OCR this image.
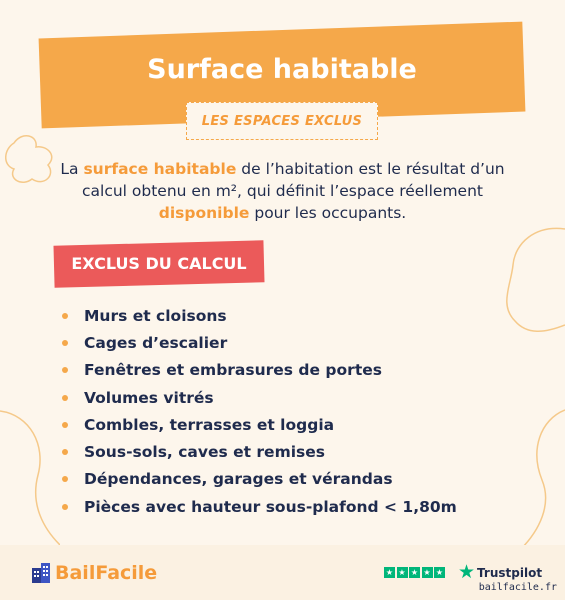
Surface habitable
LES ESPACES EXCLUS
La surface habitable de l’habitation est le résultat d’un calcul obtenu en m², qui définit l’espace réellement disponible pour les occupants.
EXCLUS DU CALCUL
Murs et cloisons
Cages d’escalier
Fenêtres et embrasures de portes
Volumes vitrés
Combles, terrasses et loggia
Sous-sols, caves et remises
Dépendances, garages et vérandas
Pièces avec hauteur sous-plafond < 1,80m
BailFacile	★ ★ ★ ★ ★ ★ Trustpilot
bailfacile.fr
